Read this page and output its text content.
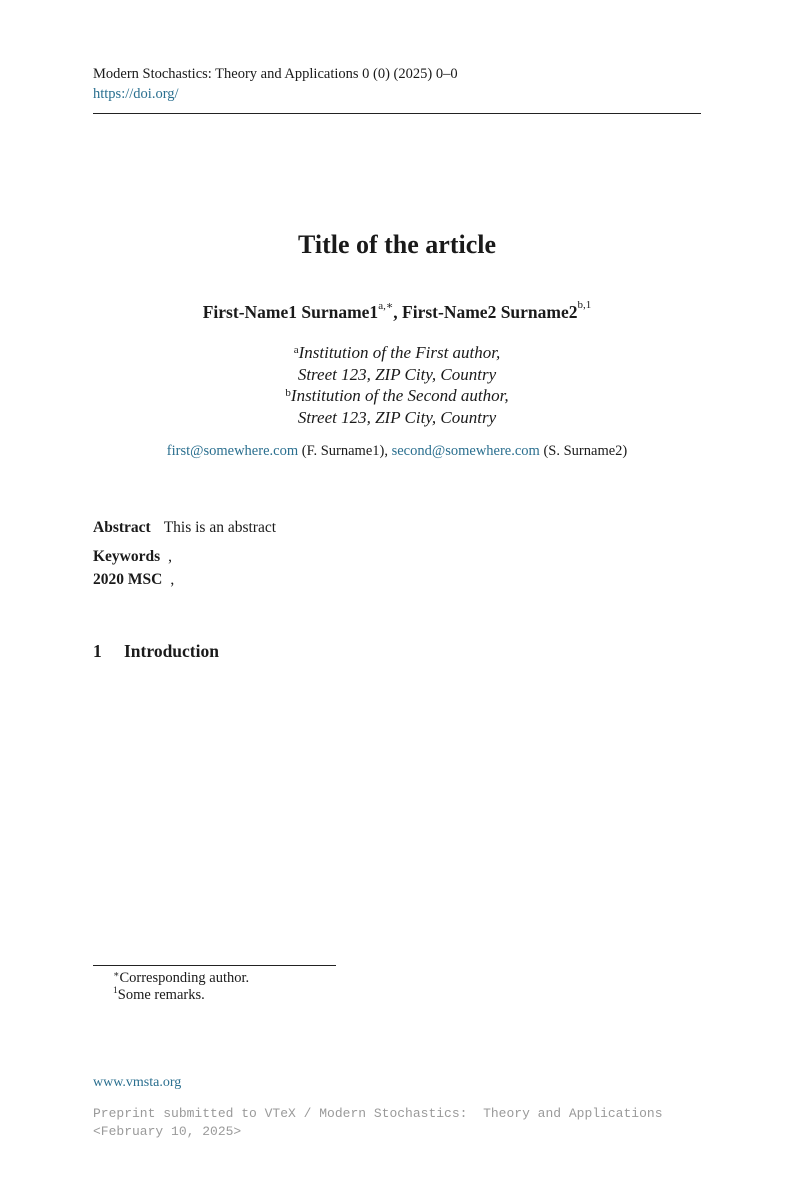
Modern Stochastics: Theory and Applications 0 (0) (2025) 0–0
https://doi.org/
Title of the article
First-Name1 $Surname1^{a,∗}$, First-Name2 Surname2$^{b,1}$
$^a$Institution of the First author,
Street 123, ZIP City, Country
$^b$Institution of the Second author,
Street 123, ZIP City, Country
first@somewhere.com (F. Surname1), second@somewhere.com (S. Surname2)
Abstract This is an abstract
Keywords ,
2020 MSC ,
1 Introduction
∗Corresponding author.
$^1$Some remarks.
www.vmsta.org
Preprint submitted to VTeX / Modern Stochastics:  Theory and Applications
<February 10, 2025>
